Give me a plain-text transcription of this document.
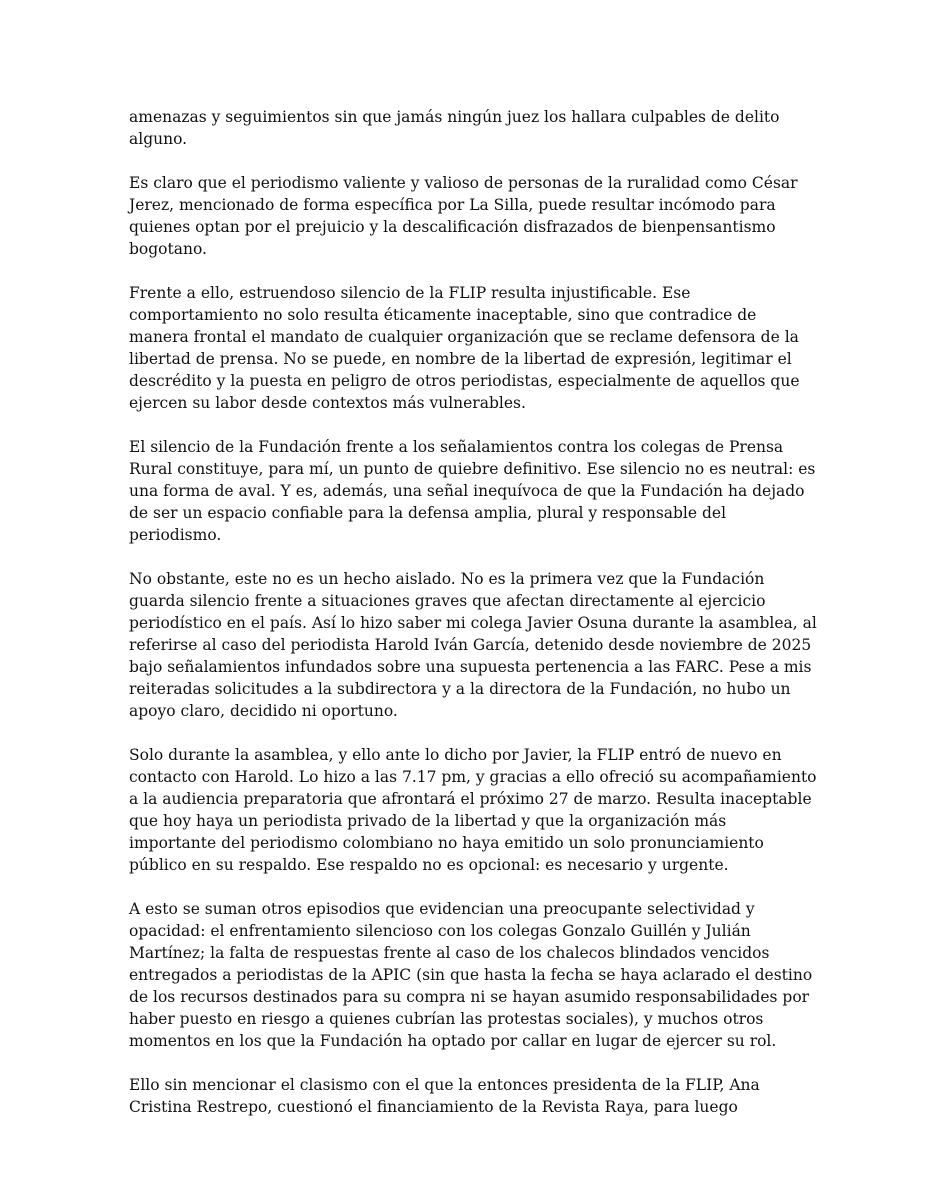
amenazas y seguimientos sin que jamás ningún juez los hallara culpables de delito
alguno.

Es claro que el periodismo valiente y valioso de personas de la ruralidad como César
Jerez, mencionado de forma específica por La Silla, puede resultar incómodo para
quienes optan por el prejuicio y la descalificación disfrazados de bienpensantismo
bogotano.

Frente a ello, estruendoso silencio de la FLIP resulta injustificable. Ese
comportamiento no solo resulta éticamente inaceptable, sino que contradice de
manera frontal el mandato de cualquier organización que se reclame defensora de la
libertad de prensa. No se puede, en nombre de la libertad de expresión, legitimar el
descrédito y la puesta en peligro de otros periodistas, especialmente de aquellos que
ejercen su labor desde contextos más vulnerables.

El silencio de la Fundación frente a los señalamientos contra los colegas de Prensa
Rural constituye, para mí, un punto de quiebre definitivo. Ese silencio no es neutral: es
una forma de aval. Y es, además, una señal inequívoca de que la Fundación ha dejado
de ser un espacio confiable para la defensa amplia, plural y responsable del
periodismo.

No obstante, este no es un hecho aislado. No es la primera vez que la Fundación
guarda silencio frente a situaciones graves que afectan directamente al ejercicio
periodístico en el país. Así lo hizo saber mi colega Javier Osuna durante la asamblea, al
referirse al caso del periodista Harold Iván García, detenido desde noviembre de 2025
bajo señalamientos infundados sobre una supuesta pertenencia a las FARC. Pese a mis
reiteradas solicitudes a la subdirectora y a la directora de la Fundación, no hubo un
apoyo claro, decidido ni oportuno.

Solo durante la asamblea, y ello ante lo dicho por Javier, la FLIP entró de nuevo en
contacto con Harold. Lo hizo a las 7.17 pm, y gracias a ello ofreció su acompañamiento
a la audiencia preparatoria que afrontará el próximo 27 de marzo. Resulta inaceptable
que hoy haya un periodista privado de la libertad y que la organización más
importante del periodismo colombiano no haya emitido un solo pronunciamiento
público en su respaldo. Ese respaldo no es opcional: es necesario y urgente.

A esto se suman otros episodios que evidencian una preocupante selectividad y
opacidad: el enfrentamiento silencioso con los colegas Gonzalo Guillén y Julián
Martínez; la falta de respuestas frente al caso de los chalecos blindados vencidos
entregados a periodistas de la APIC (sin que hasta la fecha se haya aclarado el destino
de los recursos destinados para su compra ni se hayan asumido responsabilidades por
haber puesto en riesgo a quienes cubrían las protestas sociales), y muchos otros
momentos en los que la Fundación ha optado por callar en lugar de ejercer su rol.

Ello sin mencionar el clasismo con el que la entonces presidenta de la FLIP, Ana
Cristina Restrepo, cuestionó el financiamiento de la Revista Raya, para luego
